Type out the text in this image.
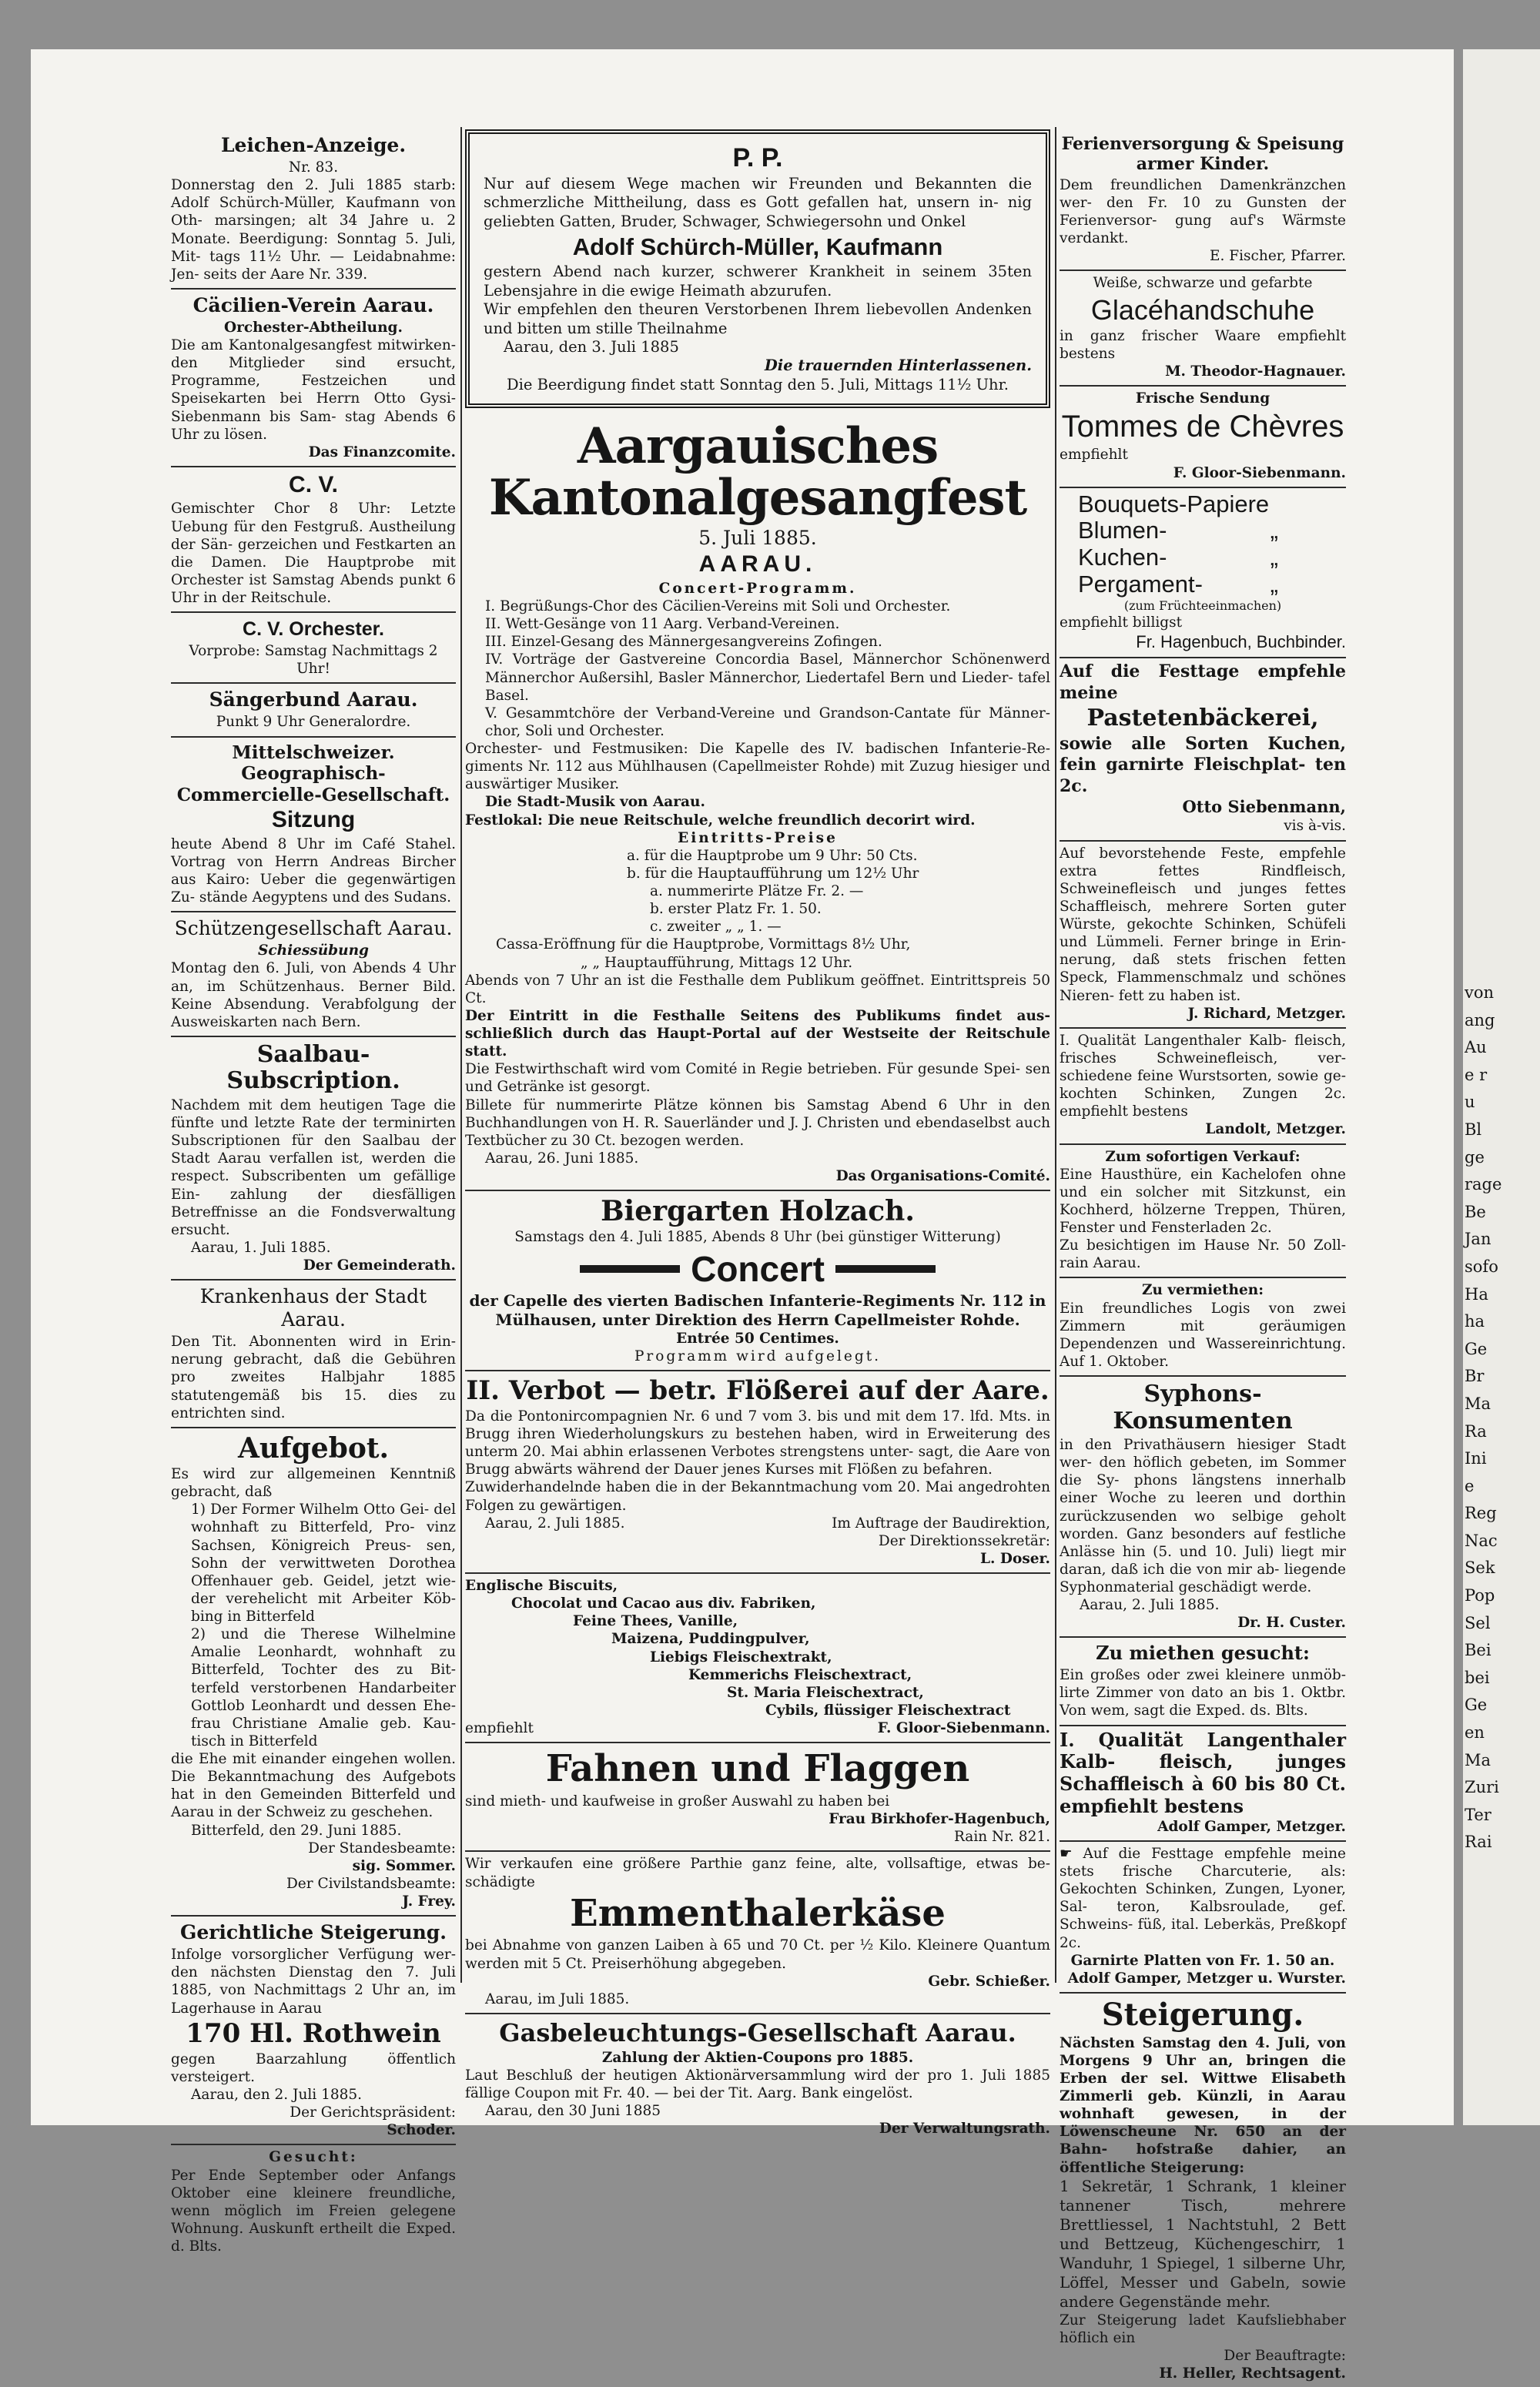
von
ang
Au
e r
u
Bl
ge
rage
Be
Jan
sofo
Ha
ha
Ge
Br
Ma
Ra
Ini
e
Reg
Nac
Sek
Pop
Sel
Bei
bei
Ge
en
Ma
Zuri
Ter
Rai
Leichen-Anzeige.

Nr. 83.

Donnerstag den 2. Juli 1885 starb: Adolf Schürch-Müller, Kaufmann von Oth- marsingen; alt 34 Jahre u. 2 Monate. Beerdigung: Sonntag 5. Juli, Mit- tags 11½ Uhr. — Leidabnahme: Jen- seits der Aare Nr. 339.

Cäcilien-Verein Aarau.

Orchester-Abtheilung.

Die am Kantonalgesangfest mitwirken- den Mitglieder sind ersucht, Programme, Festzeichen und Speisekarten bei Herrn Otto Gysi-Siebenmann bis Sam- stag Abends 6 Uhr zu lösen.

Das Finanzcomite.

C. V.

Gemischter Chor 8 Uhr: Letzte Uebung für den Festgruß. Austheilung der Sän- gerzeichen und Festkarten an die Damen. Die Hauptprobe mit Orchester ist Samstag Abends punkt 6 Uhr in der Reitschule.

C. V. Orchester.

Vorprobe: Samstag Nachmittags 2 Uhr!

Sängerbund Aarau.

Punkt 9 Uhr Generalordre.

Mittelschweizer. Geographisch- Commercielle-Gesellschaft.
Sitzung

heute Abend 8 Uhr im Café Stahel. Vortrag von Herrn Andreas Bircher aus Kairo: Ueber die gegenwärtigen Zu- stände Aegyptens und des Sudans.

Schützengesellschaft Aarau.

Schiessübung

Montag den 6. Juli, von Abends 4 Uhr an, im Schützenhaus. Berner Bild. Keine Absendung. Verabfolgung der Ausweiskarten nach Bern.

Saalbau-Subscription.

Nachdem mit dem heutigen Tage die fünfte und letzte Rate der terminirten Subscriptionen für den Saalbau der Stadt Aarau verfallen ist, werden die respect. Subscribenten um gefällige Ein- zahlung der diesfälligen Betreffnisse an die Fondsverwaltung ersucht.

Aarau, 1. Juli 1885.

Der Gemeinderath.

Krankenhaus der Stadt Aarau.

Den Tit. Abonnenten wird in Erin- nerung gebracht, daß die Gebühren pro zweites Halbjahr 1885 statutengemäß bis 15. dies zu entrichten sind.

Aufgebot.

Es wird zur allgemeinen Kenntniß gebracht, daß

1) Der Former Wilhelm Otto Gei- del wohnhaft zu Bitterfeld, Pro- vinz Sachsen, Königreich Preus- sen, Sohn der verwittweten Dorothea Offenhauer geb. Geidel, jetzt wie- der verehelicht mit Arbeiter Köb- bing in Bitterfeld

2) und die Therese Wilhelmine Amalie Leonhardt, wohnhaft zu Bitterfeld, Tochter des zu Bit- terfeld verstorbenen Handarbeiter Gottlob Leonhardt und dessen Ehe- frau Christiane Amalie geb. Kau- tisch in Bitterfeld

die Ehe mit einander eingehen wollen. Die Bekanntmachung des Aufgebots hat in den Gemeinden Bitterfeld und Aarau in der Schweiz zu geschehen.

Bitterfeld, den 29. Juni 1885.

Der Standesbeamte:

sig. Sommer.

Der Civilstandsbeamte:

J. Frey.

Gerichtliche Steigerung.

Infolge vorsorglicher Verfügung wer- den nächsten Dienstag den 7. Juli 1885, von Nachmittags 2 Uhr an, im Lagerhause in Aarau

170 Hl. Rothwein

gegen Baarzahlung öffentlich versteigert.

Aarau, den 2. Juli 1885.

Der Gerichtspräsident:

Schoder.

Gesucht:

Per Ende September oder Anfangs Oktober eine kleinere freundliche, wenn möglich im Freien gelegene Wohnung. Auskunft ertheilt die Exped. d. Blts.

P. P.

Nur auf diesem Wege machen wir Freunden und Bekannten die schmerzliche Mittheilung, dass es Gott gefallen hat, unsern in- nig geliebten Gatten, Bruder, Schwager, Schwiegersohn und Onkel

Adolf Schürch-Müller, Kaufmann

gestern Abend nach kurzer, schwerer Krankheit in seinem 35ten Lebensjahre in die ewige Heimath abzurufen.

Wir empfehlen den theuren Verstorbenen Ihrem liebevollen Andenken und bitten um stille Theilnahme

Aarau, den 3. Juli 1885

Die trauernden Hinterlassenen.

Die Beerdigung findet statt Sonntag den 5. Juli, Mittags 11½ Uhr.

Aargauisches Kantonalgesangfest
5. Juli 1885.
AARAU.

Concert-Programm.

I. Begrüßungs-Chor des Cäcilien-Vereins mit Soli und Orchester.

II. Wett-Gesänge von 11 Aarg. Verband-Vereinen.

III. Einzel-Gesang des Männergesangvereins Zofingen.

IV. Vorträge der Gastvereine Concordia Basel, Männerchor Schönenwerd Männerchor Außersihl, Basler Männerchor, Liedertafel Bern und Lieder- tafel Basel.

V. Gesammtchöre der Verband-Vereine und Grandson-Cantate für Männer- chor, Soli und Orchester.

Orchester- und Festmusiken: Die Kapelle des IV. badischen Infanterie-Re- giments Nr. 112 aus Mühlhausen (Capellmeister Rohde) mit Zuzug hiesiger und auswärtiger Musiker.

Die Stadt-Musik von Aarau.

Festlokal: Die neue Reitschule, welche freundlich decorirt wird.

Eintritts-Preise

a. für die Hauptprobe um 9 Uhr: 50 Cts.

b. für die Hauptaufführung um 12½ Uhr

a. nummerirte Plätze Fr. 2. —

b. erster Platz Fr. 1. 50.

c. zweiter „ „ 1. —

Cassa-Eröffnung für die Hauptprobe, Vormittags 8½ Uhr,

„ „ Hauptaufführung, Mittags 12 Uhr.

Abends von 7 Uhr an ist die Festhalle dem Publikum geöffnet. Eintrittspreis 50 Ct.

Der Eintritt in die Festhalle Seitens des Publikums findet aus- schließlich durch das Haupt-Portal auf der Westseite der Reitschule statt.

Die Festwirthschaft wird vom Comité in Regie betrieben. Für gesunde Spei- sen und Getränke ist gesorgt.

Billete für nummerirte Plätze können bis Samstag Abend 6 Uhr in den Buchhandlungen von H. R. Sauerländer und J. J. Christen und ebendaselbst auch Textbücher zu 30 Ct. bezogen werden.

Aarau, 26. Juni 1885.

Das Organisations-Comité.

Biergarten Holzach.

Samstags den 4. Juli 1885, Abends 8 Uhr (bei günstiger Witterung)

Concert

der Capelle des vierten Badischen Infanterie-Regiments Nr. 112 in Mülhausen, unter Direktion des Herrn Capellmeister Rohde.

Entrée 50 Centimes.

Programm wird aufgelegt.

II. Verbot — betr. Flößerei auf der Aare.

Da die Pontonircompagnien Nr. 6 und 7 vom 3. bis und mit dem 17. lfd. Mts. in Brugg ihren Wiederholungskurs zu bestehen haben, wird in Erweiterung des unterm 20. Mai abhin erlassenen Verbotes strengstens unter- sagt, die Aare von Brugg abwärts während der Dauer jenes Kurses mit Flößen zu befahren.

Zuwiderhandelnde haben die in der Bekanntmachung vom 20. Mai angedrohten Folgen zu gewärtigen.

Aarau, 2. Juli 1885.	Im Auftrage der Baudirektion,

Der Direktionssekretär:

L. Doser.

Englische Biscuits,

Chocolat und Cacao aus div. Fabriken,

Feine Thees, Vanille,

Maizena, Puddingpulver,

Liebigs Fleischextrakt,

Kemmerichs Fleischextract,

St. Maria Fleischextract,

Cybils, flüssiger Fleischextract

empfiehlt	F. Gloor-Siebenmann.

Fahnen und Flaggen

sind mieth- und kaufweise in großer Auswahl zu haben bei

Frau Birkhofer-Hagenbuch,

Rain Nr. 821.

Wir verkaufen eine größere Parthie ganz feine, alte, vollsaftige, etwas be- schädigte

Emmenthalerkäse

bei Abnahme von ganzen Laiben à 65 und 70 Ct. per ½ Kilo. Kleinere Quantum werden mit 5 Ct. Preiserhöhung abgegeben.

Gebr. Schießer.

Aarau, im Juli 1885.

Gasbeleuchtungs-Gesellschaft Aarau.

Zahlung der Aktien-Coupons pro 1885.

Laut Beschluß der heutigen Aktionärversammlung wird der pro 1. Juli 1885 fällige Coupon mit Fr. 40. — bei der Tit. Aarg. Bank eingelöst.

Aarau, den 30 Juni 1885

Der Verwaltungsrath.

Ferienversorgung & Speisung armer Kinder.

Dem freundlichen Damenkränzchen wer- den Fr. 10 zu Gunsten der Ferienversor- gung auf's Wärmste verdankt.

E. Fischer, Pfarrer.

Weiße, schwarze und gefarbte

Glacéhandschuhe

in ganz frischer Waare empfiehlt bestens

M. Theodor-Hagnauer.

Frische Sendung

Tommes de Chèvres

empfiehlt

F. Gloor-Siebenmann.

Bouquets-Papiere
Blumen-	„
Kuchen-	„
Pergament-	„

(zum Früchteeinmachen)

empfiehlt billigst

Fr. Hagenbuch, Buchbinder.

Auf die Festtage empfehle meine

Pastetenbäckerei,

sowie alle Sorten Kuchen, fein garnirte Fleischplat- ten 2c.

Otto Siebenmann,

vis à-vis.

Auf bevorstehende Feste, empfehle extra fettes Rindfleisch, Schweinefleisch und junges fettes Schaffleisch, mehrere Sorten guter Würste, gekochte Schinken, Schüfeli und Lümmeli. Ferner bringe in Erin- nerung, daß stets frischen fetten Speck, Flammenschmalz und schönes Nieren- fett zu haben ist.

J. Richard, Metzger.

I. Qualität Langenthaler Kalb- fleisch, frisches Schweinefleisch, ver- schiedene feine Wurstsorten, sowie ge- kochten Schinken, Zungen 2c. empfiehlt bestens

Landolt, Metzger.

Zum sofortigen Verkauf:

Eine Hausthüre, ein Kachelofen ohne und ein solcher mit Sitzkunst, ein Kochherd, hölzerne Treppen, Thüren, Fenster und Fensterladen 2c.

Zu besichtigen im Hause Nr. 50 Zoll- rain Aarau.

Zu vermiethen:

Ein freundliches Logis von zwei Zimmern mit geräumigen Dependenzen und Wassereinrichtung. Auf 1. Oktober.

Syphons-Konsumenten

in den Privathäusern hiesiger Stadt wer- den höflich gebeten, im Sommer die Sy- phons längstens innerhalb einer Woche zu leeren und dorthin zurückzusenden wo selbige geholt worden. Ganz besonders auf festliche Anlässe hin (5. und 10. Juli) liegt mir daran, daß ich die von mir ab- liegende Syphonmaterial geschädigt werde.

Aarau, 2. Juli 1885.

Dr. H. Custer.

Zu miethen gesucht:

Ein großes oder zwei kleinere unmöb- lirte Zimmer von dato an bis 1. Oktbr. Von wem, sagt die Exped. ds. Blts.

I. Qualität Langenthaler Kalb- fleisch, junges Schaffleisch à 60 bis 80 Ct. empfiehlt bestens

Adolf Gamper, Metzger.

☛ Auf die Festtage empfehle meine stets frische Charcuterie, als: Gekochten Schinken, Zungen, Lyoner, Sal- teron, Kalbsroulade, gef. Schweins- füß, ital. Leberkäs, Preßkopf 2c.

Garnirte Platten von Fr. 1. 50 an.

Adolf Gamper, Metzger u. Wurster.

Steigerung.

Nächsten Samstag den 4. Juli, von Morgens 9 Uhr an, bringen die Erben der sel. Wittwe Elisabeth Zimmerli geb. Künzli, in Aarau wohnhaft gewesen, in der Löwenscheune Nr. 650 an der Bahn- hofstraße dahier, an öffentliche Steigerung:

1 Sekretär, 1 Schrank, 1 kleiner tannener Tisch, mehrere Brettliessel, 1 Nachtstuhl, 2 Bett und Bettzeug, Küchengeschirr, 1 Wanduhr, 1 Spiegel, 1 silberne Uhr, Löffel, Messer und Gabeln, sowie andere Gegenstände mehr.

Zur Steigerung ladet Kaufsliebhaber höflich ein

Der Beauftragte:

H. Heller, Rechtsagent.
